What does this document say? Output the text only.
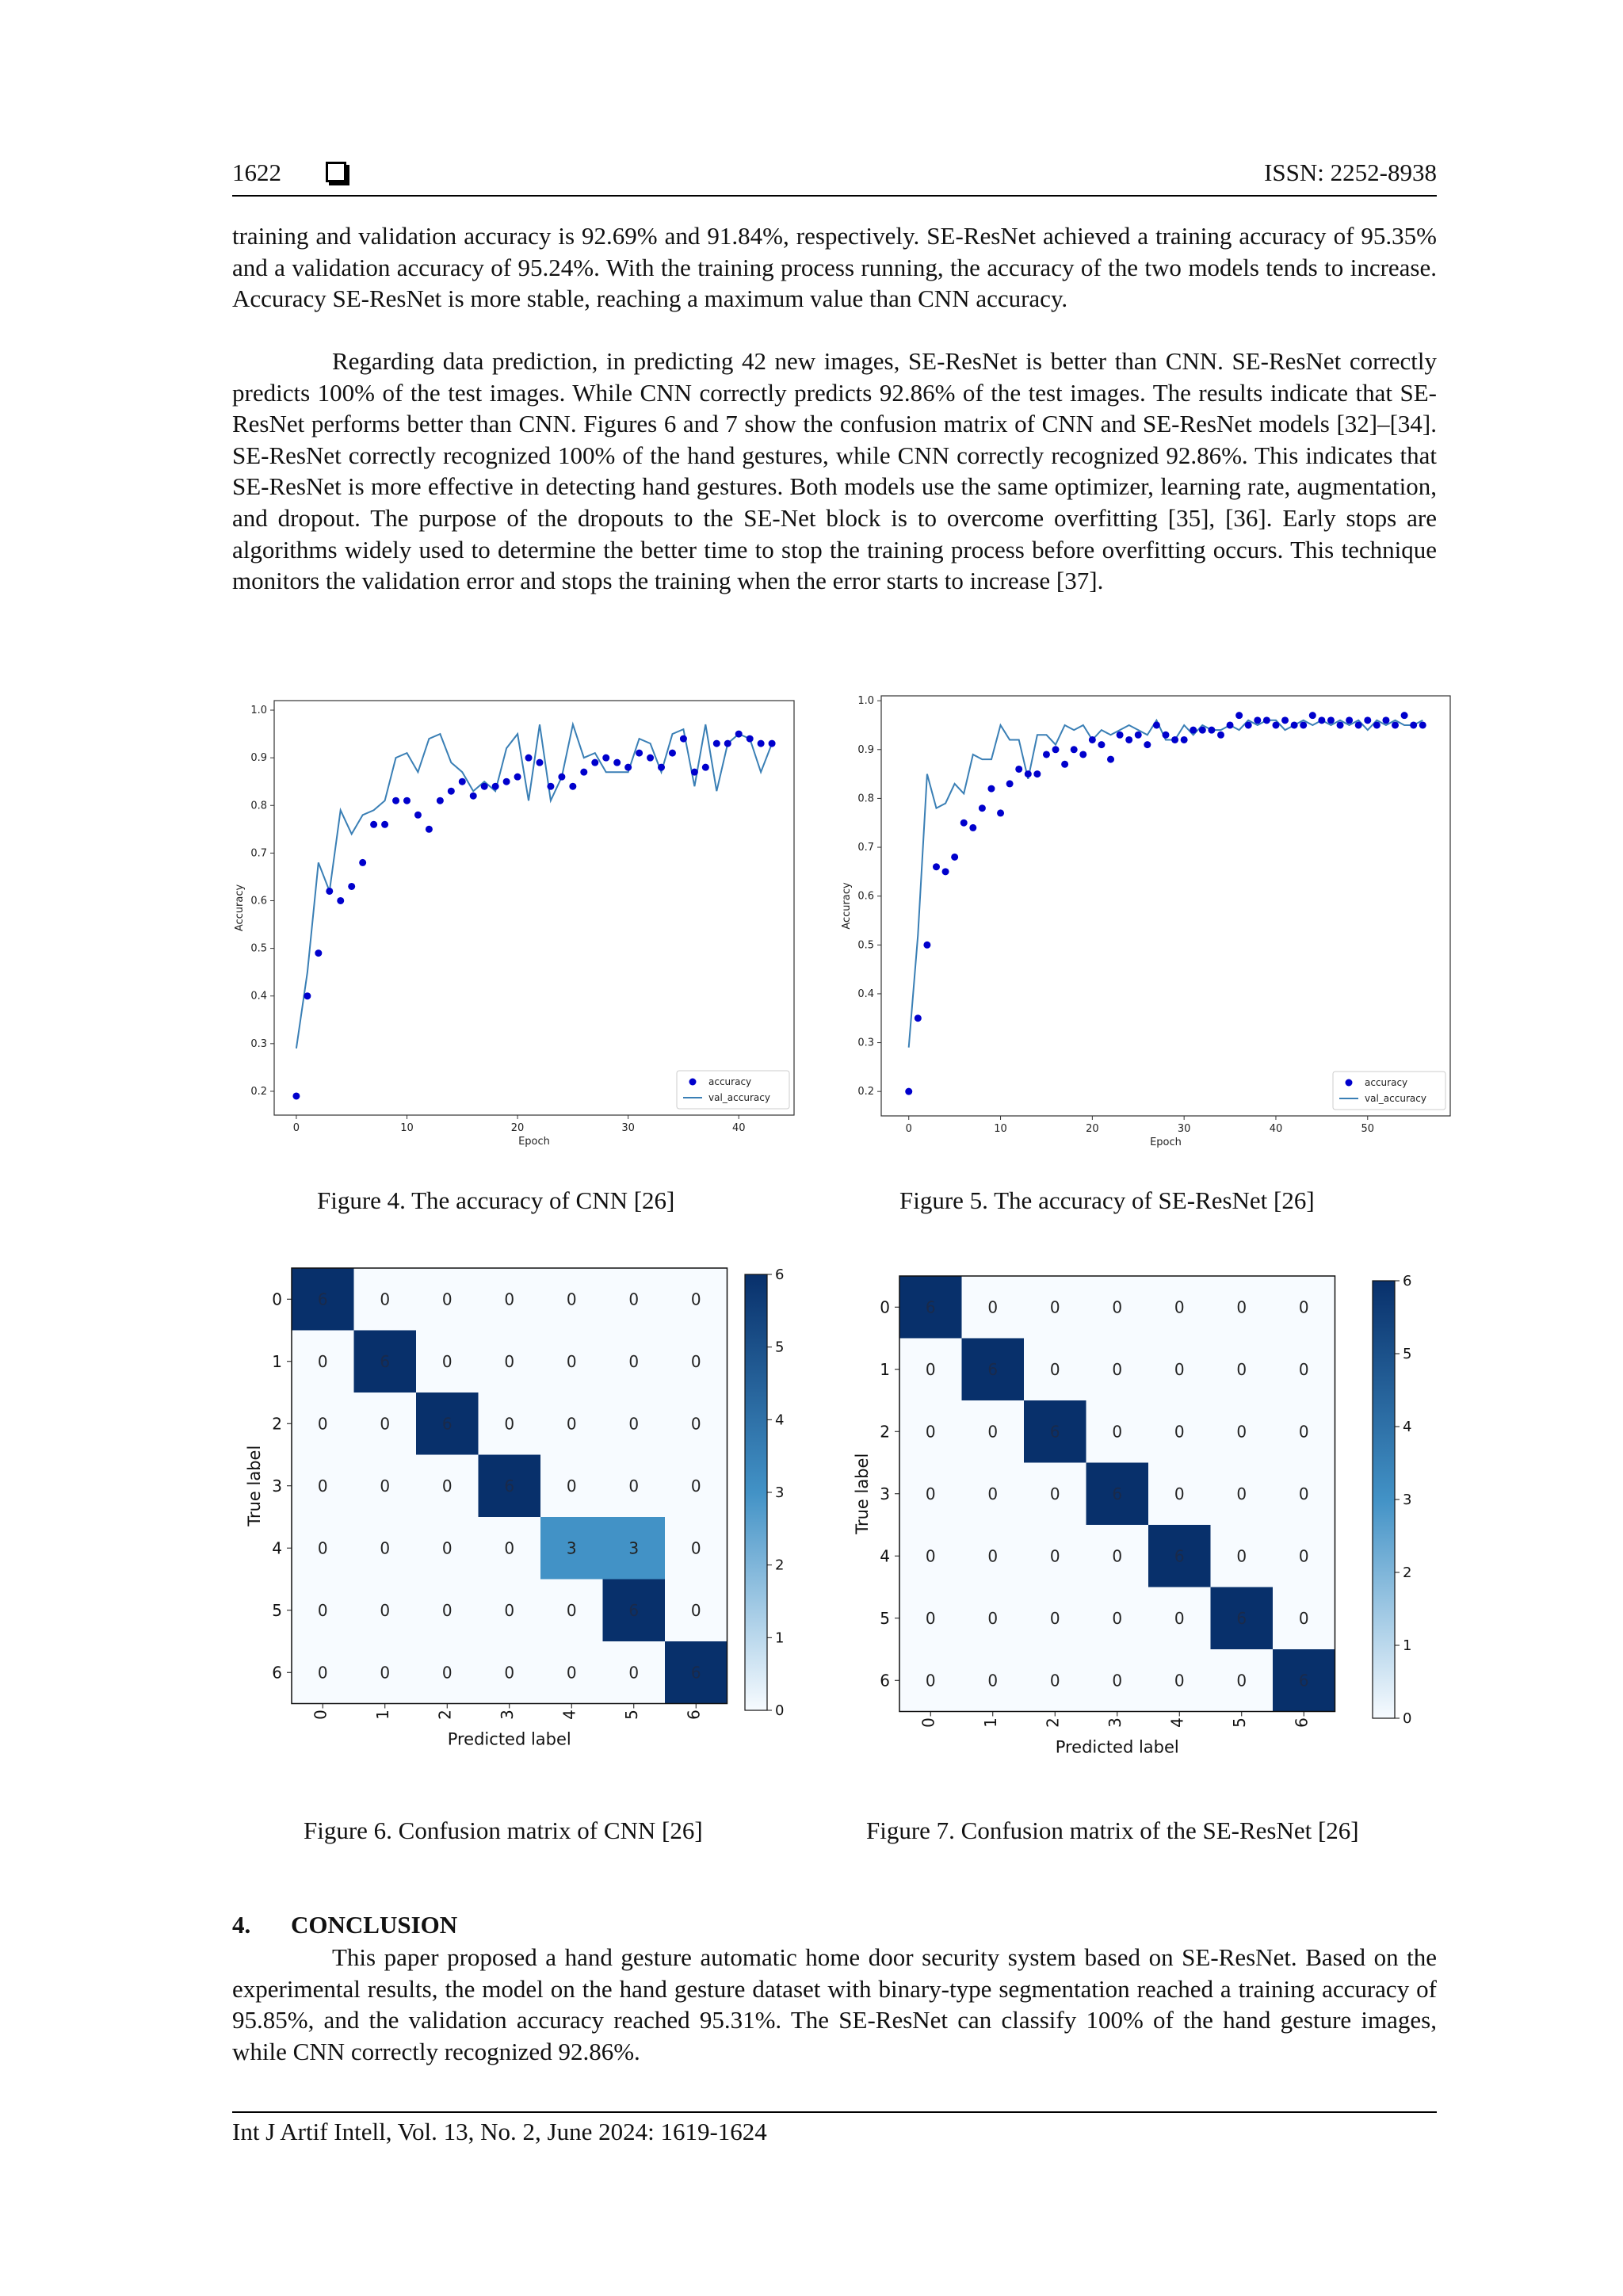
1622	ISSN: 2252-8938

training and validation accuracy is 92.69% and 91.84%, respectively. SE-ResNet achieved a training accuracy of 95.35% and a validation accuracy of 95.24%. With the training process running, the accuracy of the two models tends to increase. Accuracy SE-ResNet is more stable, reaching a maximum value than CNN accuracy.

Regarding data prediction, in predicting 42 new images, SE-ResNet is better than CNN. SE-ResNet correctly predicts 100% of the test images. While CNN correctly predicts 92.86% of the test images. The results indicate that SE-ResNet performs better than CNN. Figures 6 and 7 show the confusion matrix of CNN and SE-ResNet models [32]–[34]. SE-ResNet correctly recognized 100% of the hand gestures, while CNN correctly recognized 92.86%. This indicates that SE-ResNet is more effective in detecting hand gestures. Both models use the same optimizer, learning rate, augmentation, and dropout. The purpose of the dropouts to the SE-Net block is to overcome overfitting [35], [36]. Early stops are algorithms widely used to determine the better time to stop the training process before overfitting occurs. This technique monitors the validation error and stops the training when the error starts to increase [37].

0	10	20	30	40
0.2
0.3
0.4
0.5
0.6
0.7
0.8
0.9
1.0
Epoch
Accuracy
accuracy
val_accuracy
0	10	20	30	40	50
0.2
0.3
0.4
0.5
0.6
0.7
0.8
0.9
1.0
Epoch
Accuracy
accuracy
val_accuracy
Figure 4. The accuracy of CNN [26]	Figure 5. The accuracy of SE-ResNet [26]
6	0	0	0	0	0	0
0	6	0	0	0	0	0
0	0	6	0	0	0	0
0	0	0	6	0	0	0
0	0	0	0	3	3	0
0	0	0	0	0	6	0
0	0	0	0	0	0	6
0
0
1
1
2
2
3
3
4
4
5
5
6
6
Predicted label
True label
0
1
2
3
4
5
6
6	0	0	0	0	0	0
0	6	0	0	0	0	0
0	0	6	0	0	0	0
0	0	0	6	0	0	0
0	0	0	0	6	0	0
0	0	0	0	0	6	0
0	0	0	0	0	0	6
0
0
1
1
2
2
3
3
4
4
5
5
6
6
Predicted label
True label
0
1
2
3
4
5
6
Figure 6. Confusion matrix of CNN [26]	Figure 7. Confusion matrix of the SE-ResNet [26]
4. CONCLUSION

This paper proposed a hand gesture automatic home door security system based on SE-ResNet. Based on the experimental results, the model on the hand gesture dataset with binary-type segmentation reached a training accuracy of 95.85%, and the validation accuracy reached 95.31%. The SE-ResNet can classify 100% of the hand gesture images, while CNN correctly recognized 92.86%.

Int J Artif Intell, Vol. 13, No. 2, June 2024: 1619-1624
